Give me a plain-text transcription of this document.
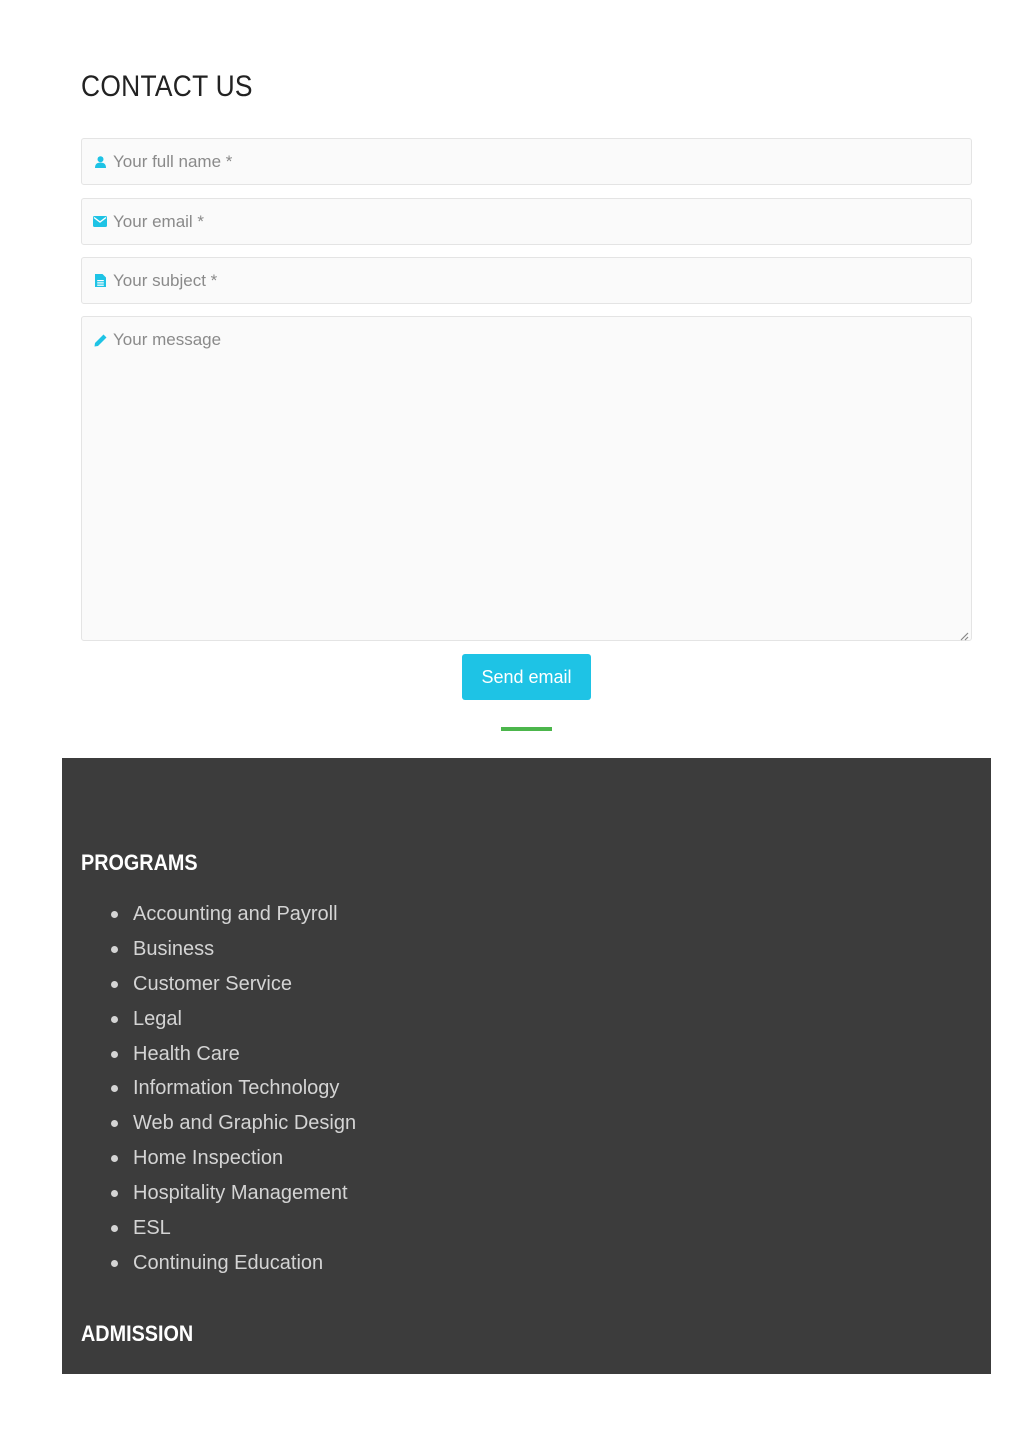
CONTACT US
Your full name *
Your email *
Your subject *
Your message
Send email
PROGRAMS
Accounting and Payroll
Business
Customer Service
Legal
Health Care
Information Technology
Web and Graphic Design
Home Inspection
Hospitality Management
ESL
Continuing Education
ADMISSION
